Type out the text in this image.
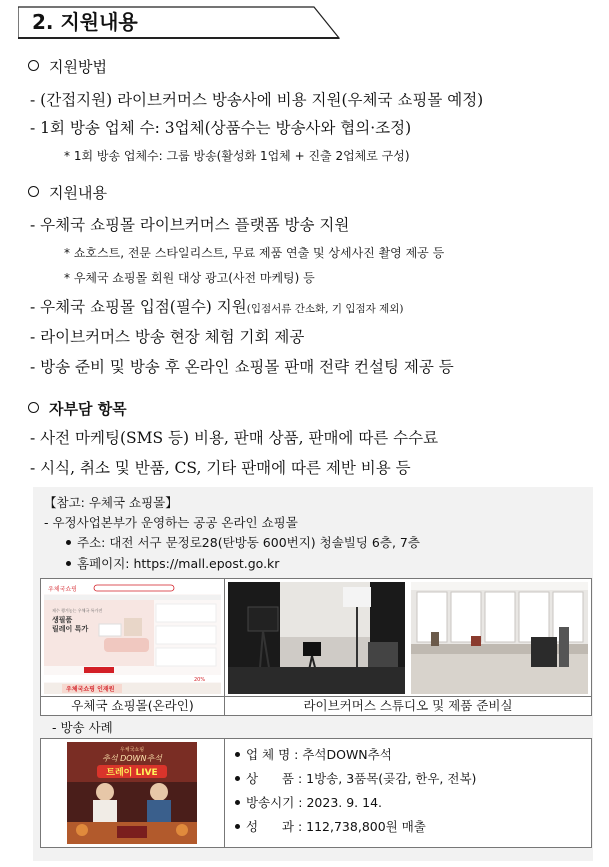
2. 지원내용
지원방법
- (간접지원) 라이브커머스 방송사에 비용 지원(우체국 쇼핑몰 예정)
- 1회 방송 업체 수: 3업체(상품수는 방송사와 협의·조정)
* 1회 방송 업체수: 그룹 방송(활성화 1업체 + 진출 2업체로 구성)
지원내용
- 우체국 쇼핑몰 라이브커머스 플랫폼 방송 지원
* 쇼호스트, 전문 스타일리스트, 무료 제품 연출 및 상세사진 촬영 제공 등
* 우체국 쇼핑몰 회원 대상 광고(사전 마케팅) 등
- 우체국 쇼핑몰 입점(필수) 지원(입점서류 간소화, 기 입점자 제외)
- 라이브커머스 방송 현장 체험 기회 제공
- 방송 준비 및 방송 후 온라인 쇼핑몰 판매 전략 컨설팅 제공 등
자부담 항목
- 사전 마케팅(SMS 등) 비용, 판매 상품, 판매에 따른 수수료
- 시식, 취소 및 반품, CS, 기타 판매에 따른 제반 비용 등
【참고: 우체국 쇼핑몰】
- 우정사업본부가 운영하는 공공 온라인 쇼핑몰
주소: 대전 서구 문정로28(탄방동 600번지) 청솔빌딩 6층, 7층
홈페이지: https://mall.epost.go.kr
우체국쇼핑
제수 챙겨놓는 우체국 특가전
생필품
릴레이 특가
20%
우체국쇼핑 인재원
우체국 쇼핑몰(온라인)	라이브커머스 스튜디오 및 제품 준비실
- 방송 사례
우체국쇼핑
추석 DOWN추석
트레이 LIVE
업 체 명 : 추석DOWN추석
상      품 : 1방송, 3품목(곶감, 한우, 전복)
방송시기 : 2023. 9. 14.
성      과 : 112,738,800원 매출
